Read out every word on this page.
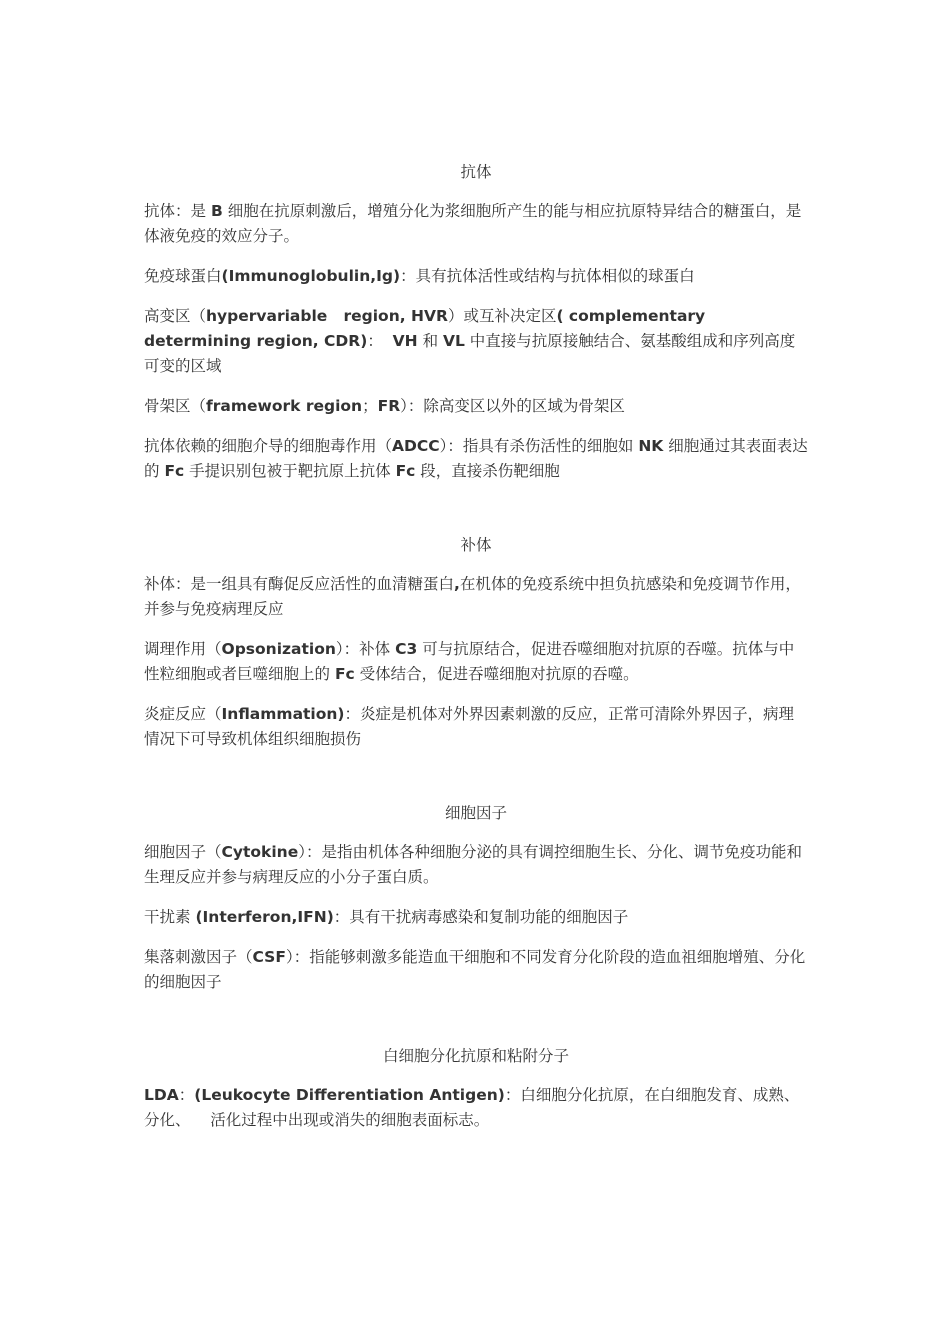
抗体

抗体：是 B 细胞在抗原刺激后，增殖分化为浆细胞所产生的能与相应抗原特异结合的糖蛋白，是体液免疫的效应分子。

免疫球蛋白(Immunoglobulin,Ig)：具有抗体活性或结构与抗体相似的球蛋白

高变区（hypervariable   region, HVR）或互补决定区( complementary determining region, CDR)：  VH 和 VL 中直接与抗原接触结合、氨基酸组成和序列高度可变的区域

骨架区（framework region；FR）：除高变区以外的区域为骨架区

抗体依赖的细胞介导的细胞毒作用（ADCC）：指具有杀伤活性的细胞如 NK 细胞通过其表面表达的 Fc 手提识别包被于靶抗原上抗体 Fc 段，直接杀伤靶细胞

补体

补体：是一组具有酶促反应活性的血清糖蛋白,在机体的免疫系统中担负抗感染和免疫调节作用，并参与免疫病理反应

调理作用（Opsonization）：补体 C3 可与抗原结合，促进吞噬细胞对抗原的吞噬。抗体与中性粒细胞或者巨噬细胞上的 Fc 受体结合，促进吞噬细胞对抗原的吞噬。

炎症反应（Inflammation)：炎症是机体对外界因素刺激的反应，正常可清除外界因子，病理情况下可导致机体组织细胞损伤

细胞因子

细胞因子（Cytokine）：是指由机体各种细胞分泌的具有调控细胞生长、分化、调节免疫功能和生理反应并参与病理反应的小分子蛋白质。

干扰素 (Interferon,IFN)：具有干扰病毒感染和复制功能的细胞因子

集落刺激因子（CSF）：指能够刺激多能造血干细胞和不同发育分化阶段的造血祖细胞增殖、分化的细胞因子

白细胞分化抗原和粘附分子

LDA：(Leukocyte Differentiation Antigen)：白细胞分化抗原，在白细胞发育、成熟、分化、    活化过程中出现或消失的细胞表面标志。
